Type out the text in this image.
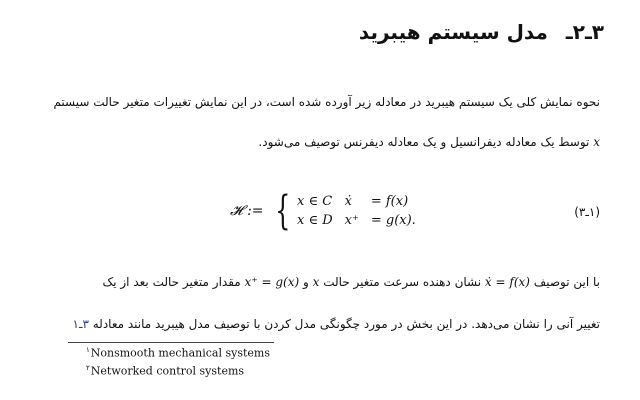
۳ـ۲ـ
مدل سیستم هیبرید
نحوه نمایش کلی یک سیستم هیبرید در معادله زیر آورده شده است، در این نمایش تغییرات متغیر حالت سیستم
x توسط یک معادله دیفرانسیل و یک معادله دیفرنس توصیف می‌شود.
𝓗 := { x ∈ C ẋ	= f(x)
x ∈ D x⁺ = g(x).
(۱ـ۳)
با این توصیف ẋ = f(x) نشان دهنده سرعت متغیر حالت x و x⁺ = g(x) مقدار متغیر حالت بعد از یک
تغییر آنی را نشان می‌دهد. در این بخش در مورد چگونگی مدل کردن با توصیف مدل هیبرید مانند معادله ۳ـ۱
$^۱$Nonsmooth mechanical systems
$^۲$Networked control systems
